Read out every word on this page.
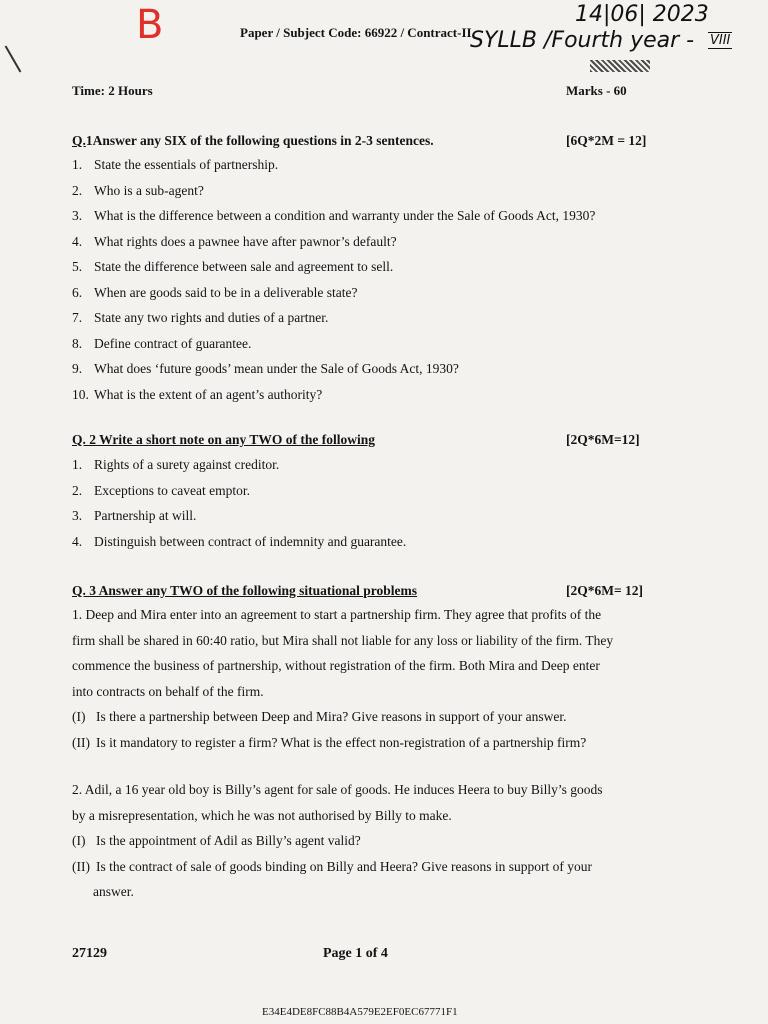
B	14|06| 2023
SYLLB /Fourth year - VIII
Paper / Subject Code: 66922 / Contract-II
Time: 2 Hours	Marks - 60
Q.1Answer any SIX of the following questions in 2-3 sentences.	[6Q*2M = 12]
1. State the essentials of partnership.
2. Who is a sub-agent?
3. What is the difference between a condition and warranty under the Sale of Goods Act, 1930?
4. What rights does a pawnee have after pawnor’s default?
5. State the difference between sale and agreement to sell.
6. When are goods said to be in a deliverable state?
7. State any two rights and duties of a partner.
8. Define contract of guarantee.
9. What does ‘future goods’ mean under the Sale of Goods Act, 1930?
10. What is the extent of an agent’s authority?
Q. 2 Write a short note on any TWO of the following	[2Q*6M=12]
1. Rights of a surety against creditor.
2. Exceptions to caveat emptor.
3. Partnership at will.
4. Distinguish between contract of indemnity and guarantee.
Q. 3 Answer any TWO of the following situational problems	[2Q*6M= 12]
1. Deep and Mira enter into an agreement to start a partnership firm. They agree that profits of the
firm shall be shared in 60:40 ratio, but Mira shall not liable for any loss or liability of the firm. They
commence the business of partnership, without registration of the firm. Both Mira and Deep enter
into contracts on behalf of the firm.
(I) Is there a partnership between Deep and Mira? Give reasons in support of your answer.
(II) Is it mandatory to register a firm? What is the effect non-registration of a partnership firm?
2. Adil, a 16 year old boy is Billy’s agent for sale of goods. He induces Heera to buy Billy’s goods
by a misrepresentation, which he was not authorised by Billy to make.
(I) Is the appointment of Adil as Billy’s agent valid?
(II) Is the contract of sale of goods binding on Billy and Heera? Give reasons in support of your
answer.
27129	Page 1 of 4
E34E4DE8FC88B4A579E2EF0EC67771F1
